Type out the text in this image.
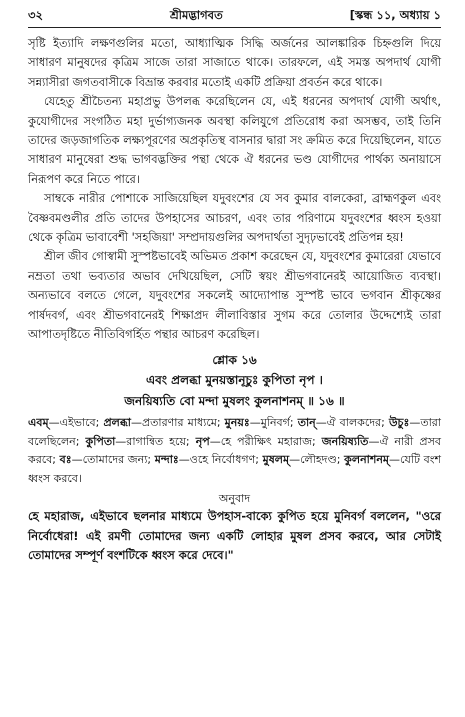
৩২	শ্রীমদ্ভাগবত	[স্কন্ধ ১১, অধ্যায় ১

সৃষ্টি ইত্যাদি লক্ষণগুলির মতো, আধ্যাত্মিক সিদ্ধি অর্জনের আলঙ্কারিক চিহ্নগুলি দিয়ে সাধারণ মানুষদের কৃত্রিম সাজে তারা সাজাতে থাকে। তারফলে, এই সমস্ত অপদার্থ যোগী সন্ন্যাসীরা জগতবাসীকে বিভ্রান্ত করবার মতোই একটি প্রক্রিয়া প্রবর্তন করে থাকে।

যেহেতু শ্রীচৈতন্য মহাপ্রভু উপলব্ধ করেছিলেন যে, এই ধরনের অপদার্থ যোগী অর্থাৎ, কুযোগীদের সংগঠিত মহা দুর্ভাগ্যজনক অবস্থা কলিযুগে প্রতিরোধ করা অসম্ভব, তাই তিনি তাদের জড়জাগতিক লক্ষ্যপূরণের অপ্রকৃতিস্থ বাসনার দ্বারা সং ক্রমিত করে দিয়েছিলেন, যাতে সাধারণ মানুষেরা শুদ্ধ ভাগবদ্ভক্তির পন্থা থেকে ঐ ধরনের ভণ্ড যোগীদের পার্থক্য অনায়াসে নিরূপণ করে নিতে পারে।

সাম্বকে নারীর পোশাকে সাজিয়েছিল যদুবংশের যে সব কুমার বালকেরা, ব্রাহ্মণকুল এবং বৈষ্ণবমণ্ডলীর প্রতি তাদের উপহাসের আচরণ, এবং তার পরিণামে যদুবংশের ধ্বংস হওয়া থেকে কৃত্রিম ভাবাবেশী 'সহজিয়া' সম্প্রদায়গুলির অপদার্থতা সুদৃঢ়ভাবেই প্রতিপন্ন হয়!

শ্রীল জীব গোস্বামী সুস্পষ্টভাবেই অভিমত প্রকাশ করেছেন যে, যদুবংশের কুমারেরা যেভাবে নম্রতা তথা ভব্যতার অভাব দেখিয়েছিল, সেটি স্বয়ং শ্রীভগবানেরই আয়োজিত ব্যবস্থা। অন্যভাবে বলতে গেলে, যদুবংশের সকলেই আদ্যোপান্ত সুস্পষ্ট ভাবে ভগবান শ্রীকৃষ্ণের পার্ষদবর্গ, এবং শ্রীভগবানেরই শিক্ষাপ্রদ লীলাবিস্তার সুগম করে তোলার উদ্দেশ্যেই তারা আপাতদৃষ্টিতে নীতিবিগর্হিত পন্থার আচরণ করেছিল।

শ্লোক ১৬
এবং প্রলব্ধা মুনয়স্তানূচুঃ কুপিতা নৃপ ।
জনয়িষ্যতি বো মন্দা মুষলং কুলনাশনম্ ॥ ১৬ ॥

এবম্—এইভাবে; প্রলব্ধা—প্রতারণার মাধ্যমে; মুনয়ঃ—মুনিবর্গ; তান্—ঐ বালকদের; উচুঃ—তারা বলেছিলেন; কুপিতা—রাগান্বিত হয়ে; নৃপ—হে পরীক্ষিৎ মহারাজ; জনয়িষ্যতি—ঐ নারী প্রসব করবে; বঃ—তোমাদের জন্য; মন্দাঃ—ওহে নির্বোধগণ; মুষলম্—লৌহদণ্ড; কুলনাশনম্—যেটি বংশ ধ্বংস করবে।

অনুবাদ

হে মহারাজ, এইভাবে ছলনার মাধ্যমে উপহাস-বাক্যে কুপিত হয়ে মুনিবর্গ বললেন, "ওরে নির্বোধেরা! এই রমণী তোমাদের জন্য একটি লোহার মুষল প্রসব করবে, আর সেটাই তোমাদের সম্পূর্ণ বংশটিকে ধ্বংস করে দেবে।"
